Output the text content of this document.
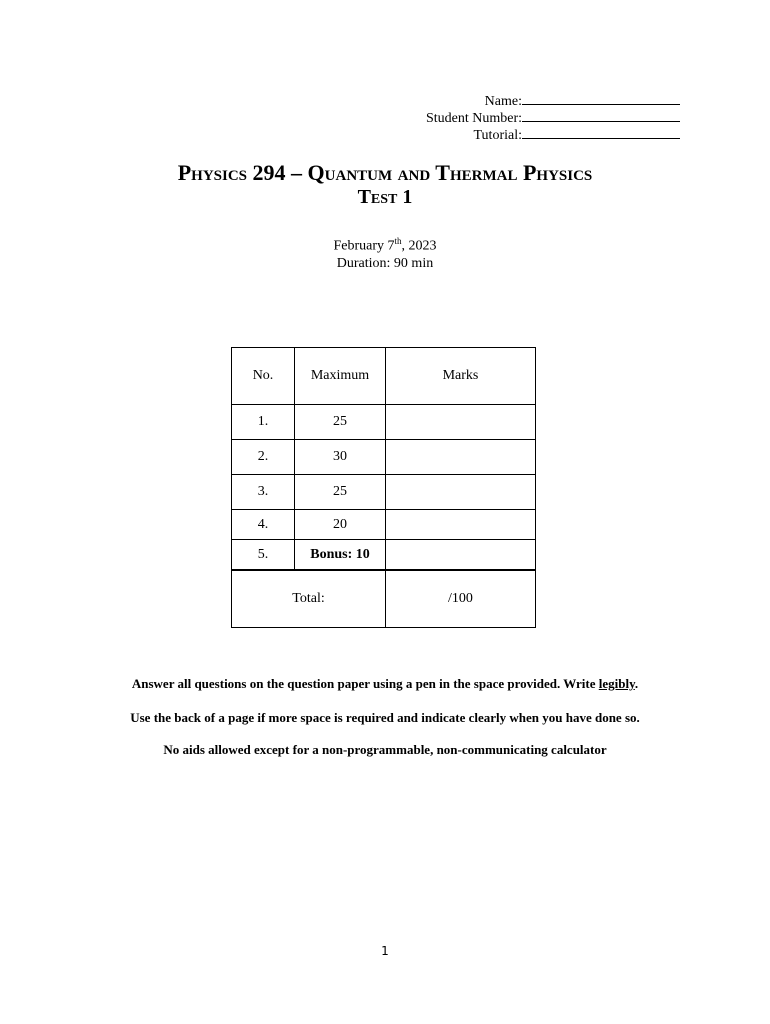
Name:
Student Number:
Tutorial:
Physics 294 – Quantum and Thermal Physics
Test 1
February 7th, 2023
Duration: 90 min
No.	Maximum	Marks
1.	25	
2.	30	
3.	25	
4.	20	
5.	Bonus: 10	
Total:		/100
Answer all questions on the question paper using a pen in the space provided. Write legibly.
Use the back of a page if more space is required and indicate clearly when you have done so.
No aids allowed except for a non-programmable, non-communicating calculator
1
